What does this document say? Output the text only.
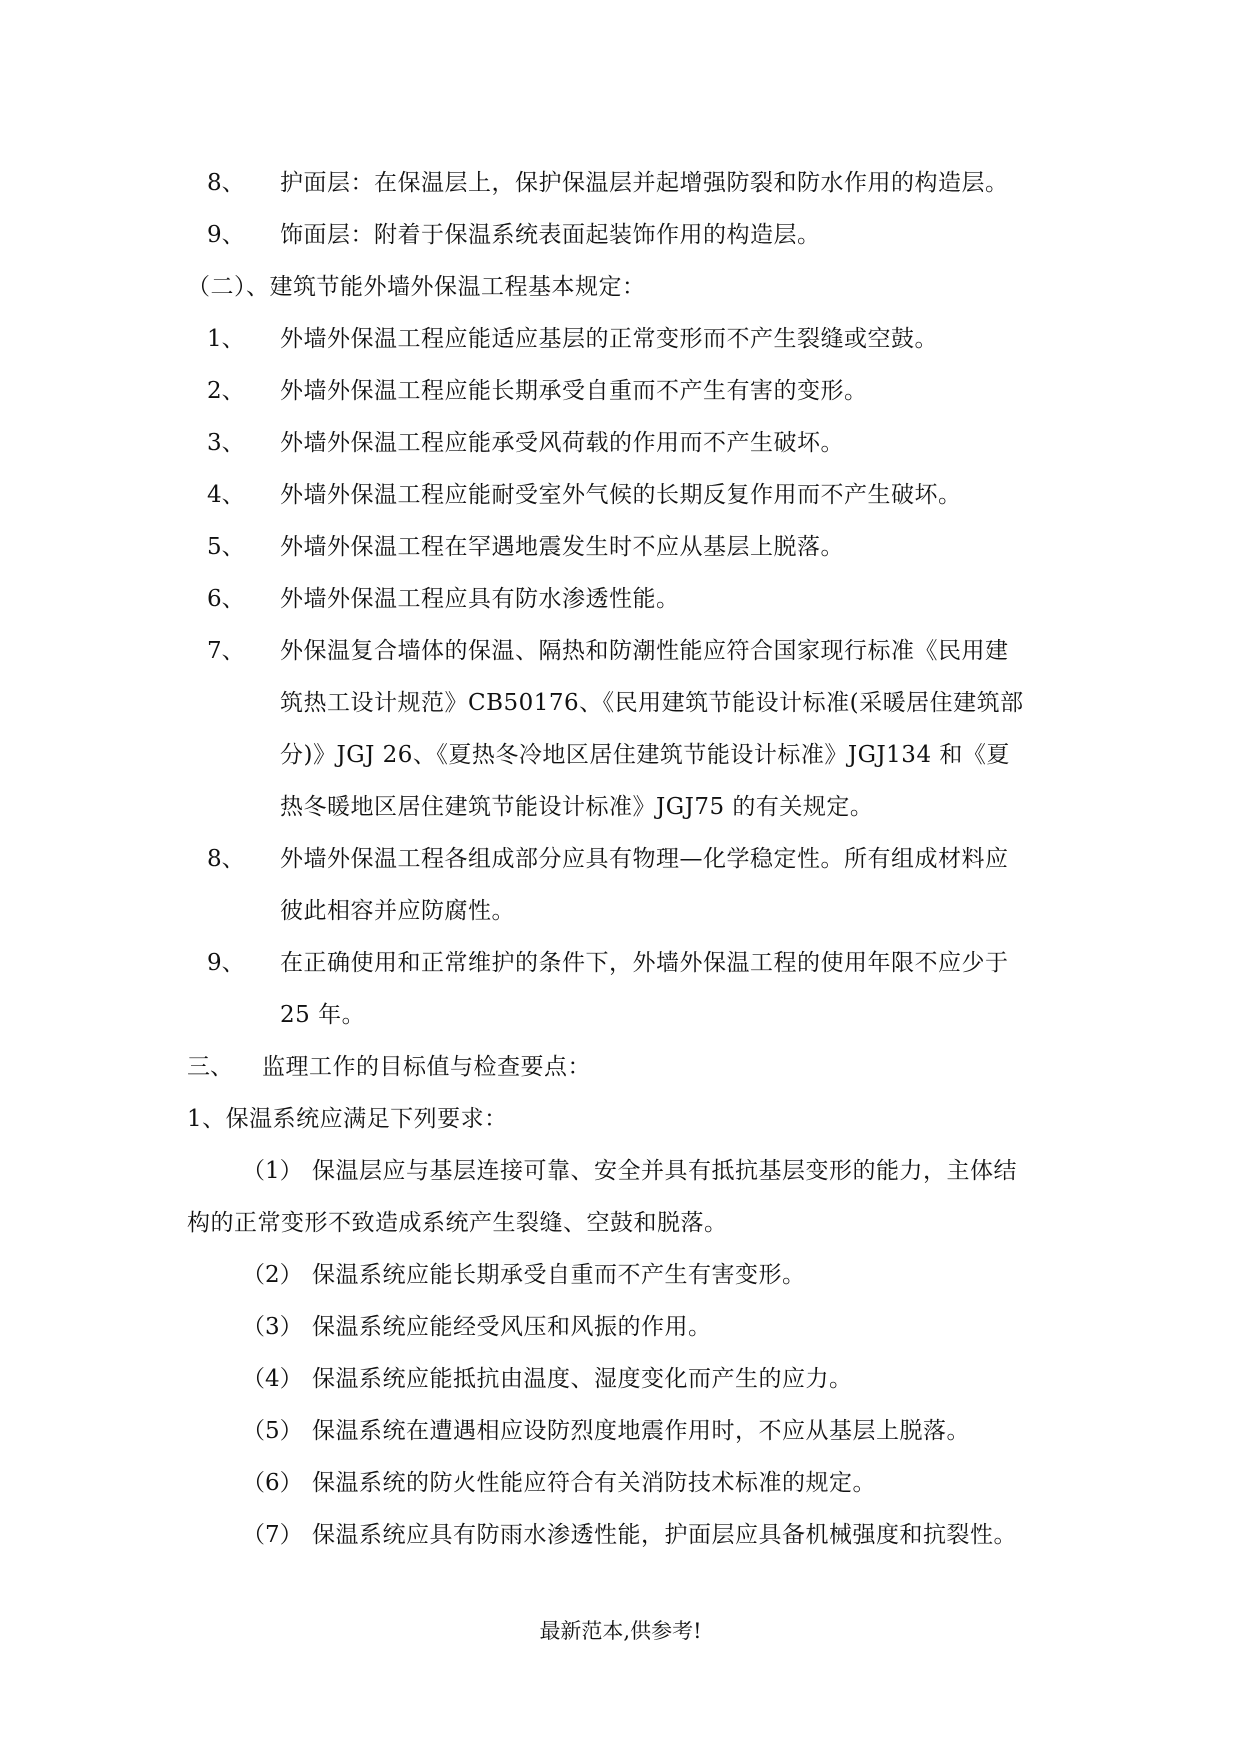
8、 护面层：在保温层上，保护保温层并起增强防裂和防水作用的构造层。
9、 饰面层：附着于保温系统表面起装饰作用的构造层。
（二）、建筑节能外墙外保温工程基本规定：
1、 外墙外保温工程应能适应基层的正常变形而不产生裂缝或空鼓。
2、 外墙外保温工程应能长期承受自重而不产生有害的变形。
3、 外墙外保温工程应能承受风荷载的作用而不产生破坏。
4、 外墙外保温工程应能耐受室外气候的长期反复作用而不产生破坏。
5、 外墙外保温工程在罕遇地震发生时不应从基层上脱落。
6、 外墙外保温工程应具有防水渗透性能。
7、 外保温复合墙体的保温、隔热和防潮性能应符合国家现行标准《民用建
筑热工设计规范》CB50176、《民用建筑节能设计标准(采暖居住建筑部
分)》JGJ 26、《夏热冬冷地区居住建筑节能设计标准》JGJ134 和《夏
热冬暖地区居住建筑节能设计标准》JGJ75 的有关规定。
8、 外墙外保温工程各组成部分应具有物理—化学稳定性。所有组成材料应
彼此相容并应防腐性。
9、 在正确使用和正常维护的条件下，外墙外保温工程的使用年限不应少于
25 年。
三、 监理工作的目标值与检查要点：
1、保温系统应满足下列要求：
（1） 保温层应与基层连接可靠、安全并具有抵抗基层变形的能力，主体结
构的正常变形不致造成系统产生裂缝、空鼓和脱落。
（2） 保温系统应能长期承受自重而不产生有害变形。
（3） 保温系统应能经受风压和风振的作用。
（4） 保温系统应能抵抗由温度、湿度变化而产生的应力。
（5） 保温系统在遭遇相应设防烈度地震作用时，不应从基层上脱落。
（6） 保温系统的防火性能应符合有关消防技术标准的规定。
（7） 保温系统应具有防雨水渗透性能，护面层应具备机械强度和抗裂性。
最新范本,供参考!
